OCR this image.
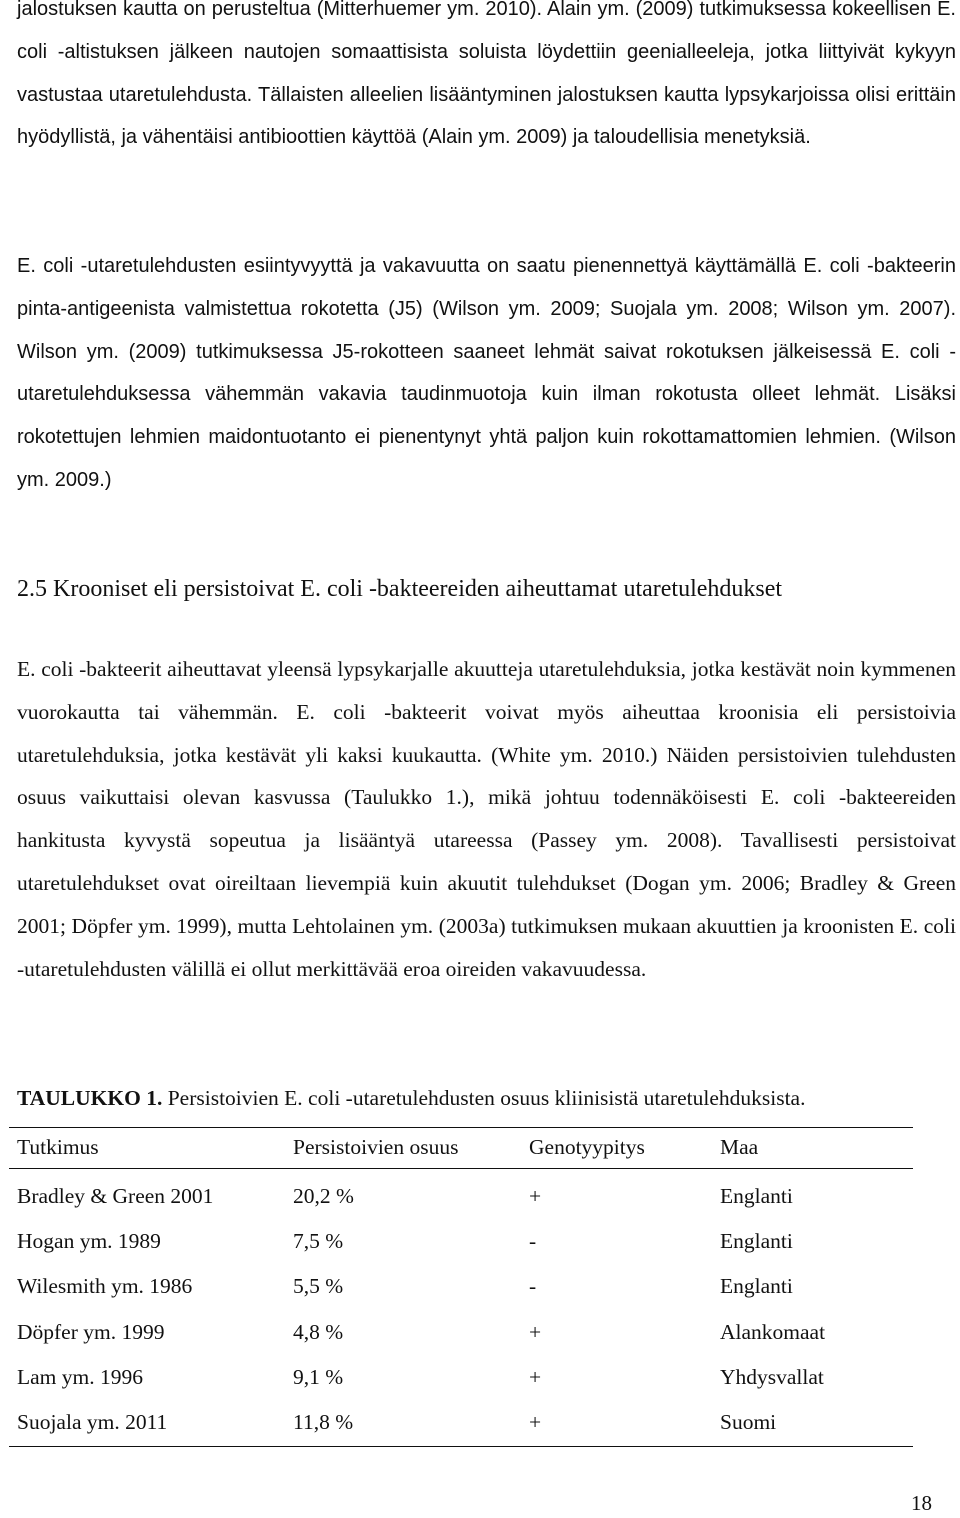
jalostuksen kautta on perusteltua (Mitterhuemer ym. 2010). Alain ym. (2009) tutkimuksessa kokeellisen E. coli -altistuksen jälkeen nautojen somaattisista soluista löydettiin geenialleeleja, jotka liittyivät kykyyn vastustaa utaretulehdusta. Tällaisten alleelien lisääntyminen jalostuksen kautta lypsykarjoissa olisi erittäin hyödyllistä, ja vähentäisi antibioottien käyttöä (Alain ym. 2009) ja taloudellisia menetyksiä.
E. coli -utaretulehdusten esiintyvyyttä ja vakavuutta on saatu pienennettyä käyttämällä E. coli -bakteerin pinta-antigeenista valmistettua rokotetta (J5) (Wilson ym. 2009; Suojala ym. 2008; Wilson ym. 2007). Wilson ym. (2009) tutkimuksessa J5-rokotteen saaneet lehmät saivat rokotuksen jälkeisessä E. coli -utaretulehduksessa vähemmän vakavia taudinmuotoja kuin ilman rokotusta olleet lehmät. Lisäksi rokotettujen lehmien maidontuotanto ei pienentynyt yhtä paljon kuin rokottamattomien lehmien. (Wilson ym. 2009.)
2.5 Krooniset eli persistoivat E. coli -bakteereiden aiheuttamat utaretulehdukset
E. coli -bakteerit aiheuttavat yleensä lypsykarjalle akuutteja utaretulehduksia, jotka kestävät noin kymmenen vuorokautta tai vähemmän. E. coli -bakteerit voivat myös aiheuttaa kroonisia eli persistoivia utaretulehduksia, jotka kestävät yli kaksi kuukautta. (White ym. 2010.) Näiden persistoivien tulehdusten osuus vaikuttaisi olevan kasvussa (Taulukko 1.), mikä johtuu todennäköisesti E. coli -bakteereiden hankitusta kyvystä sopeutua ja lisääntyä utareessa (Passey ym. 2008). Tavallisesti persistoivat utaretulehdukset ovat oireiltaan lievempiä kuin akuutit tulehdukset (Dogan ym. 2006; Bradley & Green 2001; Döpfer ym. 1999), mutta Lehtolainen ym. (2003a) tutkimuksen mukaan akuuttien ja kroonisten E. coli -utaretulehdusten välillä ei ollut merkittävää eroa oireiden vakavuudessa.
TAULUKKO 1. Persistoivien E. coli -utaretulehdusten osuus kliinisistä utaretulehduksista.
Tutkimus	Persistoivien osuus	Genotyypitys	Maa

Bradley & Green 2001	20,2 %	+	Englanti
Hogan ym. 1989	7,5 %	-	Englanti
Wilesmith ym. 1986	5,5 %	-	Englanti
Döpfer ym. 1999	4,8 %	+	Alankomaat
Lam ym. 1996	9,1 %	+	Yhdysvallat
Suojala ym. 2011	11,8 %	+	Suomi
18
